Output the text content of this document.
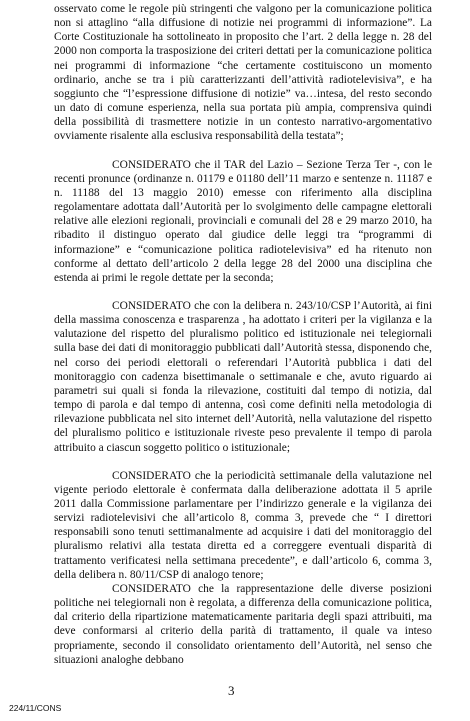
osservato come le regole più stringenti che valgono per la comunicazione politica non si attaglino “alla diffusione di notizie nei programmi di informazione”. La Corte Costituzionale ha sottolineato in proposito che l’art. 2 della legge n. 28 del 2000 non comporta la trasposizione dei criteri dettati per la comunicazione politica nei programmi di informazione “che certamente costituiscono un momento ordinario, anche se tra i più caratterizzanti dell’attività radiotelevisiva”, e ha soggiunto che “l’espressione diffusione di notizie” va…intesa, del resto secondo un dato di comune esperienza, nella sua portata più ampia, comprensiva quindi della possibilità di trasmettere notizie in un contesto narrativo-argomentativo ovviamente risalente alla esclusiva responsabilità della testata”;

CONSIDERATO che il TAR del Lazio – Sezione Terza Ter -, con le recenti pronunce (ordinanze n. 01179 e 01180 dell’11 marzo e sentenze n. 11187 e n. 11188 del 13 maggio 2010) emesse con riferimento alla disciplina regolamentare adottata dall’Autorità per lo svolgimento delle campagne elettorali relative alle elezioni regionali, provinciali e comunali del 28 e 29 marzo 2010, ha ribadito il distinguo operato dal giudice delle leggi tra “programmi di informazione” e “comunicazione politica radiotelevisiva” ed ha ritenuto non conforme al dettato dell’articolo 2 della legge 28 del 2000 una disciplina che estenda ai primi le regole dettate per la seconda;

CONSIDERATO che con la delibera n. 243/10/CSP l’Autorità, ai fini della massima conoscenza e trasparenza , ha adottato i criteri per la vigilanza e la valutazione del rispetto del pluralismo politico ed istituzionale nei telegiornali sulla base dei dati di monitoraggio pubblicati dall’Autorità stessa, disponendo che, nel corso dei periodi elettorali o referendari l’Autorità pubblica i dati del monitoraggio con cadenza bisettimanale o settimanale e che, avuto riguardo ai parametri sui quali si fonda la rilevazione, costituiti dal tempo di notizia, dal tempo di parola e dal tempo di antenna, così come definiti nella metodologia di rilevazione pubblicata nel sito internet dell’Autorità, nella valutazione del rispetto del pluralismo politico e istituzionale riveste peso prevalente il tempo di parola attribuito a ciascun soggetto politico o istituzionale;

CONSIDERATO che la periodicità settimanale della valutazione nel vigente periodo elettorale è confermata dalla deliberazione adottata il 5 aprile 2011 dalla Commissione parlamentare per l’indirizzo generale e la vigilanza dei servizi radiotelevisivi che all’articolo 8, comma 3, prevede che “ I direttori responsabili sono tenuti settimanalmente ad acquisire i dati del monitoraggio del pluralismo relativi alla testata diretta ed a correggere eventuali disparità di trattamento verificatesi nella settimana precedente”, e dall’articolo 6, comma 3, della delibera n. 80/11/CSP di analogo tenore;

CONSIDERATO che la rappresentazione delle diverse posizioni politiche nei telegiornali non è regolata, a differenza della comunicazione politica, dal criterio della ripartizione matematicamente paritaria degli spazi attribuiti, ma deve conformarsi al criterio della parità di trattamento, il quale va inteso propriamente, secondo il consolidato orientamento dell’Autorità, nel senso che situazioni analoghe debbano

3
224/11/CONS
